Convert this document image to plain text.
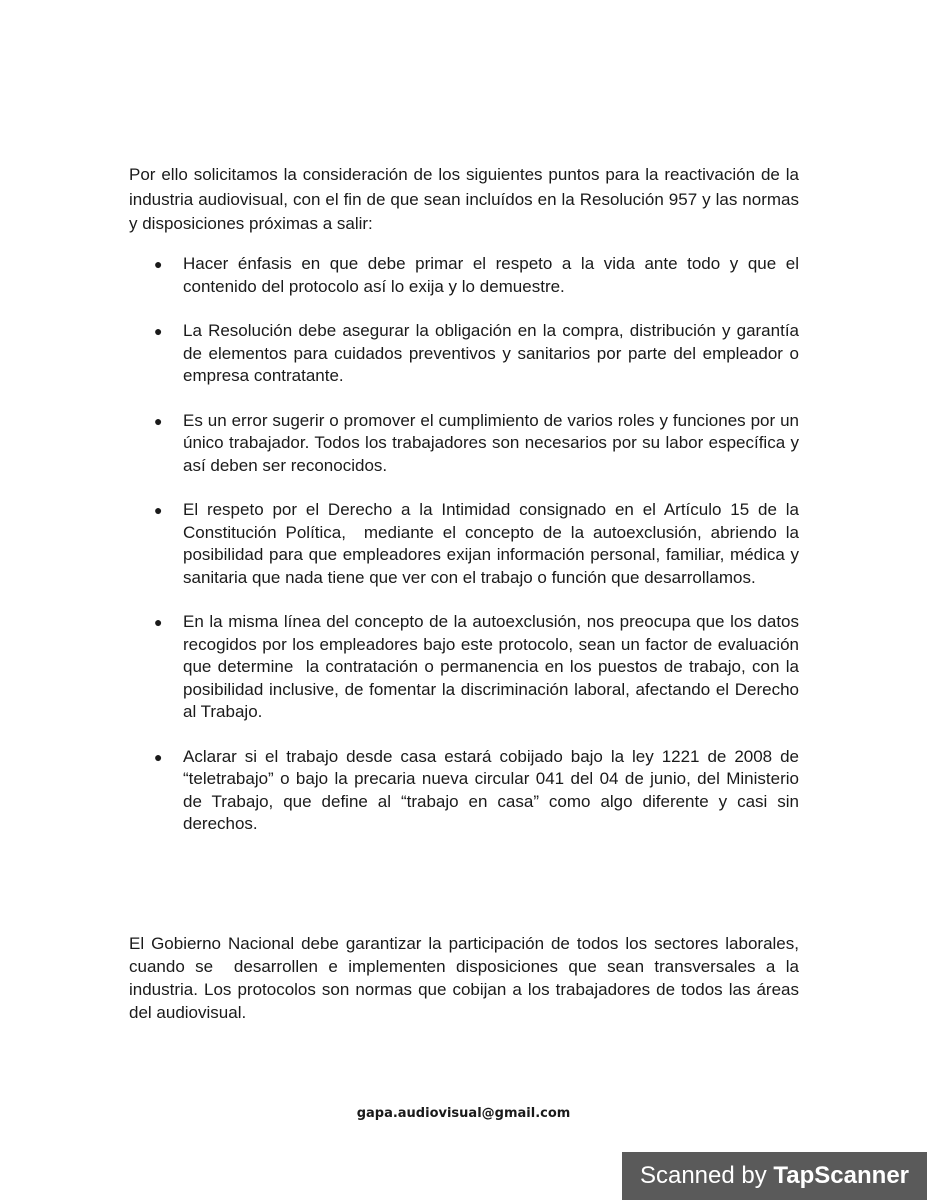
Por ello solicitamos la consideración de los siguientes puntos para la reactivación de la industria audiovisual, con el fin de que sean incluídos en la Resolución 957 y las normas y disposiciones próximas a salir:

● Hacer énfasis en que debe primar el respeto a la vida ante todo y que el contenido del protocolo así lo exija y lo demuestre.
● La Resolución debe asegurar la obligación en la compra, distribución y garantía de elementos para cuidados preventivos y sanitarios por parte del empleador o empresa contratante.
● Es un error sugerir o promover el cumplimiento de varios roles y funciones por un único trabajador. Todos los trabajadores son necesarios por su labor específica y así deben ser reconocidos.
● El respeto por el Derecho a la Intimidad consignado en el Artículo 15 de la Constitución Política,  mediante el concepto de la autoexclusión, abriendo la posibilidad para que empleadores exijan información personal, familiar, médica y sanitaria que nada tiene que ver con el trabajo o función que desarrollamos.
● En la misma línea del concepto de la autoexclusión, nos preocupa que los datos recogidos por los empleadores bajo este protocolo, sean un factor de evaluación  que determine  la contratación o permanencia en los puestos de trabajo, con la posibilidad inclusive, de fomentar la discriminación laboral, afectando el Derecho al Trabajo.
● Aclarar si el trabajo desde casa estará cobijado bajo la ley 1221 de 2008 de “teletrabajo” o bajo la precaria nueva circular 041 del 04 de junio, del Ministerio de Trabajo, que define al “trabajo en casa” como algo diferente y casi sin derechos.

El Gobierno Nacional debe garantizar la participación de todos los sectores laborales, cuando se  desarrollen e implementen disposiciones que sean transversales a la industria. Los protocolos son normas que cobijan a los trabajadores de todos las áreas del audiovisual.

gapa.audiovisual@gmail.com
Scanned by TapScanner
